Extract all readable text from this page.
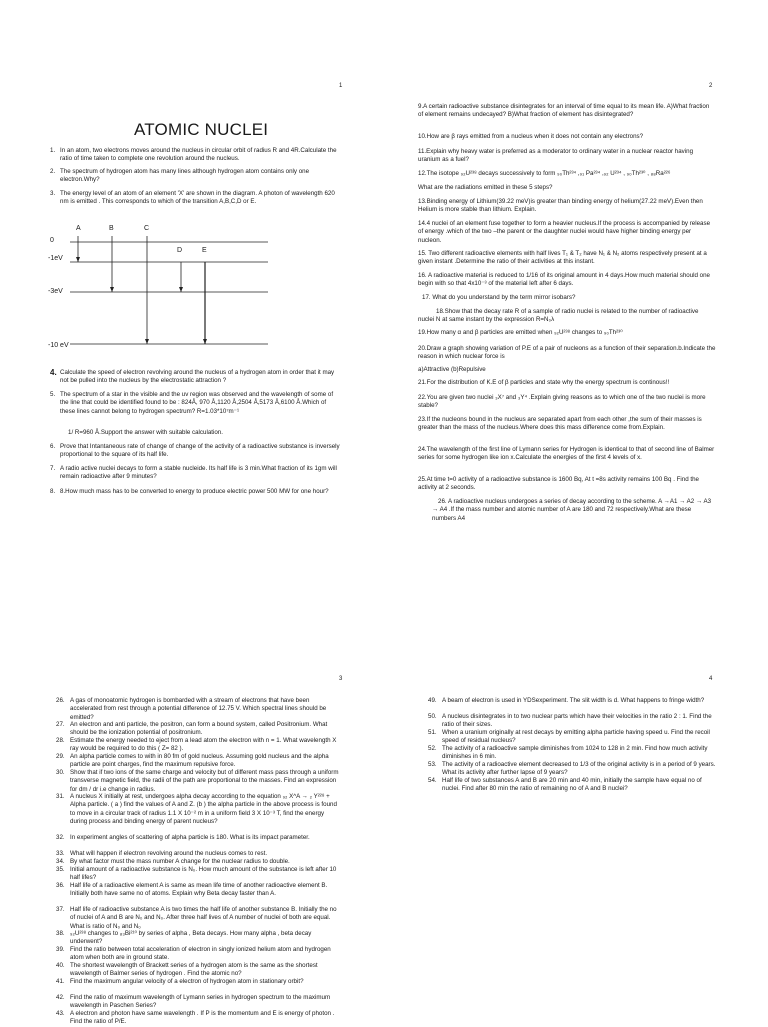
1	2
3	4
ATOMIC NUCLEI
1. In an atom, two electrons moves around the nucleus in circular orbit of radius R and 4R.Calculate the ratio of time taken to complete one revolution around the nucleus.
2. The spectrum of hydrogen atom has many lines although hydrogen atom contains only one electron.Why?
3. The energy level of an atom of an element 'X' are shown in the diagram. A photon of wavelength 620 nm is emitted . This corresponds to which of the transition A,B,C,D or E.
A	B	C
D	E
0
-1eV
-3eV
-10 eV
4. Calculate the speed of electron revolving around the nucleus of a hydrogen atom in order that it may not be pulled into the nucleus by the electrostatic attraction ?
5. The spectrum of a star in the visible and the uv region was observed and the wavelength of some of the line that could be identified found to be : 824Å, 970 Å,1120 Å,2504 Å,5173 Å,6100 Å.Which of these lines cannot belong to hydrogen spectrum? R=1.03*10⁷m⁻¹
1/ R=960 Å.Support the answer with suitable calculation.
6. Prove that Intantaneous rate of change of change of the activity of a radioactive substance is inversely proportional to the square of its half life.
7. A radio active nuclei decays to form a stable nucleide. Its half life is 3 min.What fraction of its 1gm will remain radioactive after 9 minutes?
8. 8.How much mass has to be converted to energy to produce electric power 500 MW for one hour?
9.A certain radioactive substance disintegrates for an interval of time equal to its mean life. A)What fraction of element remains undecayed? B)What fraction of element has disintegrated?
10.How are β rays emitted from a nucleus when it does not contain any electrons?
11.Explain why heavy water is preferred as a moderator to ordinary water in a nuclear reactor having uranium as a fuel?
12.The isotope ₉₂U²³⁸ decays successively to form ₉₀Th²³⁴ ,₉₁ Pa²³⁴ ,₉₂ U²³⁴ , ₉₀Th²³⁰ , ₈₈Ra²²⁶
What are the radiations emitted in these 5 steps?
13.Binding energy of Lithium(39.22 meV)is greater than binding energy of helium(27.22 meV).Even then Helium is more stable than lithium. Explain.
14.4 nuclei of an element fuse together to form a heavier nucleus.If the process is accompanied by release of energy .which of the two –the parent or the daughter nuclei would have higher binding energy per nucleon.
15. Two different radioactive elements with half lives T₁ & T₂ have N₁ & N₂ atoms respectively present at a given instant .Determine the ratio of their activities at this instant.
16. A radioactive material is reduced to 1/16 of its original amount in 4 days.How much material should one begin with so that 4x10⁻³ of the material left after 6 days.
17. What do you understand by the term mirror isobars?
18.Show that the decay rate R of a sample of radio nuclei is related to the number of radioactive nuclei N at same instant by the expression R=N₀λ
19.How many α and β particles are emitted when ₉₂U²³⁸ changes to ₉₀Th²³⁰
20.Draw a graph showing variation of P.E of a pair of nucleons as a function of their separation.b.Indicate the reason in which nuclear force is
a)Attractive (b)Repulsive
21.For the distribution of K.E of β particles and state why the energy spectrum is continous!!
22.You are given two nuclei ₃X⁷ and ₃Y⁴ .Explain giving reasons as to which one of the two nuclei is more stable?
23.If the nucleons bound in the nucleus are separated apart from each other ,the sum of their masses is greater than the mass of the nucleus.Where does this mass difference come from.Explain.
24.The wavelength of the first line of Lymann series for Hydrogen is identical to that of second line of Balmer series for some hydrogen like ion x.Calculate the energies of the first 4 levels of x.
25.At time t=0 activity of a radioactive substance is 1600 Bq, At t =8s activity remains 100 Bq . Find the activity at 2 seconds.
26. A radioactive nucleus undergoes a series of decay according to the scheme. A →A1 → A2 → A3 → A4 .If the mass number and atomic number of A are 180 and 72 respectively.What are these numbers A4
26. A gas of monoatomic hydrogen is bombarded with a stream of electrons that have been accelerated from rest through a potential difference of 12.75 V. Which spectral lines should be emitted?
27. An electron and anti particle, the positron, can form a bound system, called Positronium. What should be the ionization potential of positronium.
28. Estimate the energy needed to eject from a lead atom the electron with n = 1. What wavelength X ray would be required to do this ( Z= 82 ).
29. An alpha particle comes to with in 80 fm of gold nucleus. Assuming gold nucleus and the alpha particle are point charges, find the maximum repulsive force.
30. Show that if two ions of the same charge and velocity but of different mass pass through a uniform transverse magnetic field, the radii of the path are proportional to the masses. Find an expression for dm / dr i.e change in radius.
31. A nucleus X initially at rest, undergoes alpha decay according to the equation ₉₂ X^A → ₂ Y²²⁸ + Alpha particle. ( a ) find the values of A and Z. (b ) the alpha particle in the above process is found to move in a circular track of radius 1.1 X 10⁻² m in a uniform field 3 X 10⁻³ T, find the energy during process and binding energy of parent nucleus?
32. In experiment angles of scattering of alpha particle is 180. What is its impact parameter.
33. What will happen if electron revolving around the nucleus comes to rest.
34. By what factor must the mass number A change for the nuclear radius to double.
35. Initial amount of a radioactive substance is N₀. How much amount of the substance is left after 10 half lifes?
36. Half life of a radioactive element A is same as mean life time of another radioactive element B. Initially both have same no of atoms. Explain why Beta decay faster than A.
37. Half life of radioactive substance A is two times the half life of another substance B. Initially the no of nuclei of A and B are N₀ and N₀. After three half lives of A number of nuclei of both are equal. What is ratio of N₀ and N₀
38. ₉₂U²³⁸ changes to ₈₃Bi²¹⁰ by series of alpha , Beta decays. How many alpha , beta decay underwent?
39. Find the ratio between total acceleration of electron in singly ionized helium atom and hydrogen atom when both are in ground state.
40. The shortest wavelength of Brackett series of a hydrogen atom is the same as the shortest wavelength of Balmer series of hydrogen . Find the atomic no?
41. Find the maximum angular velocity of a electron of hydrogen atom in stationary orbit?
42. Find the ratio of maximum wavelength of Lymann series in hydrogen spectrum to the maximum wavelength in Paschen Series?
43. A electron and photon have same wavelength . If P is the momentum and E is energy of photon . Find the ratio of P/E.
49. A beam of electron is used in YDSexperiment. The slit width is d. What happens to fringe width?
50. A nucleus disintegrates in to two nuclear parts which have their velocities in the ratio 2 : 1. Find the ratio of their sizes.
51. When a uranium originally at rest decays by emitting alpha particle having speed u. Find the recoil speed of residual nucleus?
52. The activity of a radioactive sample diminishes from 1024 to 128 in 2 min. Find how much activity diminishes in 6 min.
53. The activity of a radioactive element decreased to 1/3 of the original activity is in a period of 9 years. What its activity after further lapse of 9 years?
54. Half life of two substances A and B are 20 min and 40 min, initially the sample have equal no of nuclei. Find after 80 min the ratio of remaining no of A and B nuclei?
